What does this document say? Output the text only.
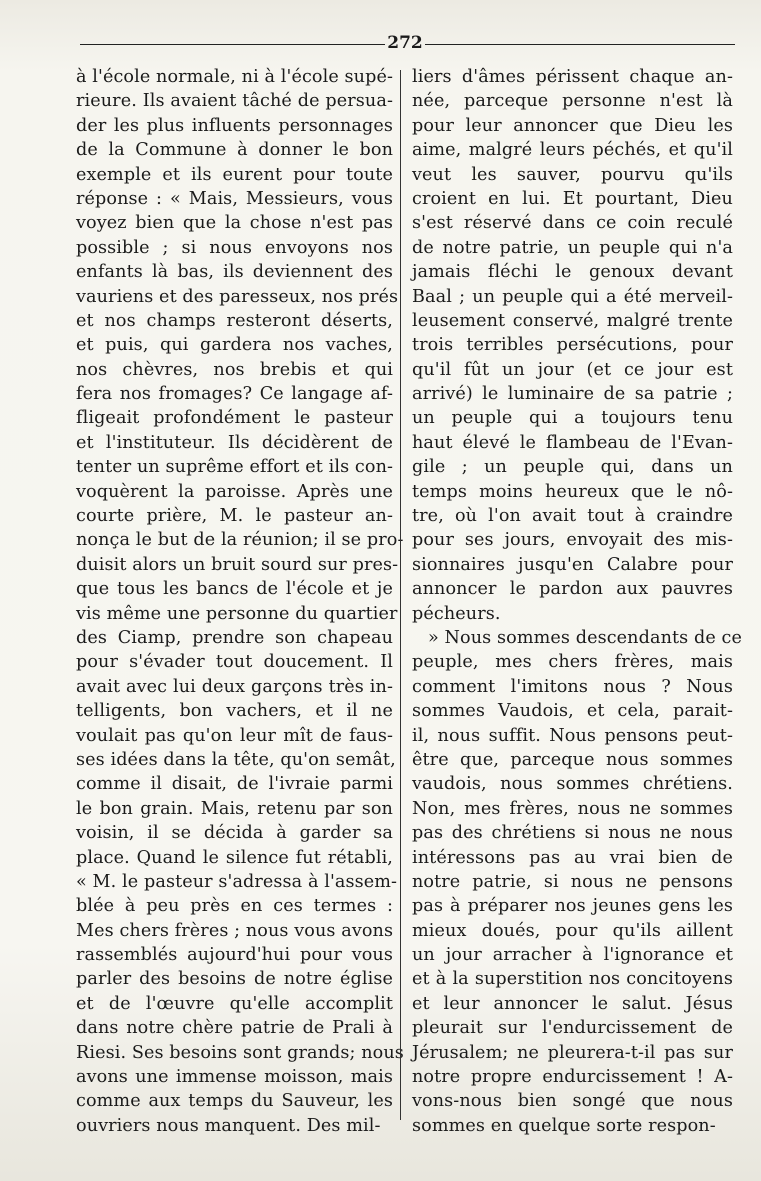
272
à l'école normale, ni à l'école supé-
rieure. Ils avaient tâché de persua-
der les plus influents personnages
de la Commune à donner le bon
exemple et ils eurent pour toute
réponse : « Mais, Messieurs, vous
voyez bien que la chose n'est pas
possible ; si nous envoyons nos
enfants là bas, ils deviennent des
vauriens et des paresseux, nos prés
et nos champs resteront déserts,
et puis, qui gardera nos vaches,
nos chèvres, nos brebis et qui
fera nos fromages? Ce langage af-
fligeait profondément le pasteur
et l'instituteur. Ils décidèrent de
tenter un suprême effort et ils con-
voquèrent la paroisse. Après une
courte prière, M. le pasteur an-
nonça le but de la réunion; il se pro-
duisit alors un bruit sourd sur pres-
que tous les bancs de l'école et je
vis même une personne du quartier
des Ciamp, prendre son chapeau
pour s'évader tout doucement. Il
avait avec lui deux garçons très in-
telligents, bon vachers, et il ne
voulait pas qu'on leur mît de faus-
ses idées dans la tête, qu'on semât,
comme il disait, de l'ivraie parmi
le bon grain. Mais, retenu par son
voisin, il se décida à garder sa
place. Quand le silence fut rétabli,
« M. le pasteur s'adressa à l'assem-
blée à peu près en ces termes :
Mes chers frères ; nous vous avons
rassemblés aujourd'hui pour vous
parler des besoins de notre église
et de l'œuvre qu'elle accomplit
dans notre chère patrie de Prali à
Riesi. Ses besoins sont grands; nous
avons une immense moisson, mais
comme aux temps du Sauveur, les
ouvriers nous manquent. Des mil-
liers d'âmes périssent chaque an-
née, parceque personne n'est là
pour leur annoncer que Dieu les
aime, malgré leurs péchés, et qu'il
veut les sauver, pourvu qu'ils
croient en lui. Et pourtant, Dieu
s'est réservé dans ce coin reculé
de notre patrie, un peuple qui n'a
jamais fléchi le genoux devant
Baal ; un peuple qui a été merveil-
leusement conservé, malgré trente
trois terribles persécutions, pour
qu'il fût un jour (et ce jour est
arrivé) le luminaire de sa patrie ;
un peuple qui a toujours tenu
haut élevé le flambeau de l'Evan-
gile ; un peuple qui, dans un
temps moins heureux que le nô-
tre, où l'on avait tout à craindre
pour ses jours, envoyait des mis-
sionnaires jusqu'en Calabre pour
annoncer le pardon aux pauvres
pécheurs.
» Nous sommes descendants de ce
peuple, mes chers frères, mais
comment l'imitons nous ? Nous
sommes Vaudois, et cela, parait-
il, nous suffit. Nous pensons peut-
être que, parceque nous sommes
vaudois, nous sommes chrétiens.
Non, mes frères, nous ne sommes
pas des chrétiens si nous ne nous
intéressons pas au vrai bien de
notre patrie, si nous ne pensons
pas à préparer nos jeunes gens les
mieux doués, pour qu'ils aillent
un jour arracher à l'ignorance et
et à la superstition nos concitoyens
et leur annoncer le salut. Jésus
pleurait sur l'endurcissement de
Jérusalem; ne pleurera-t-il pas sur
notre propre endurcissement ! A-
vons-nous bien songé que nous
sommes en quelque sorte respon-
